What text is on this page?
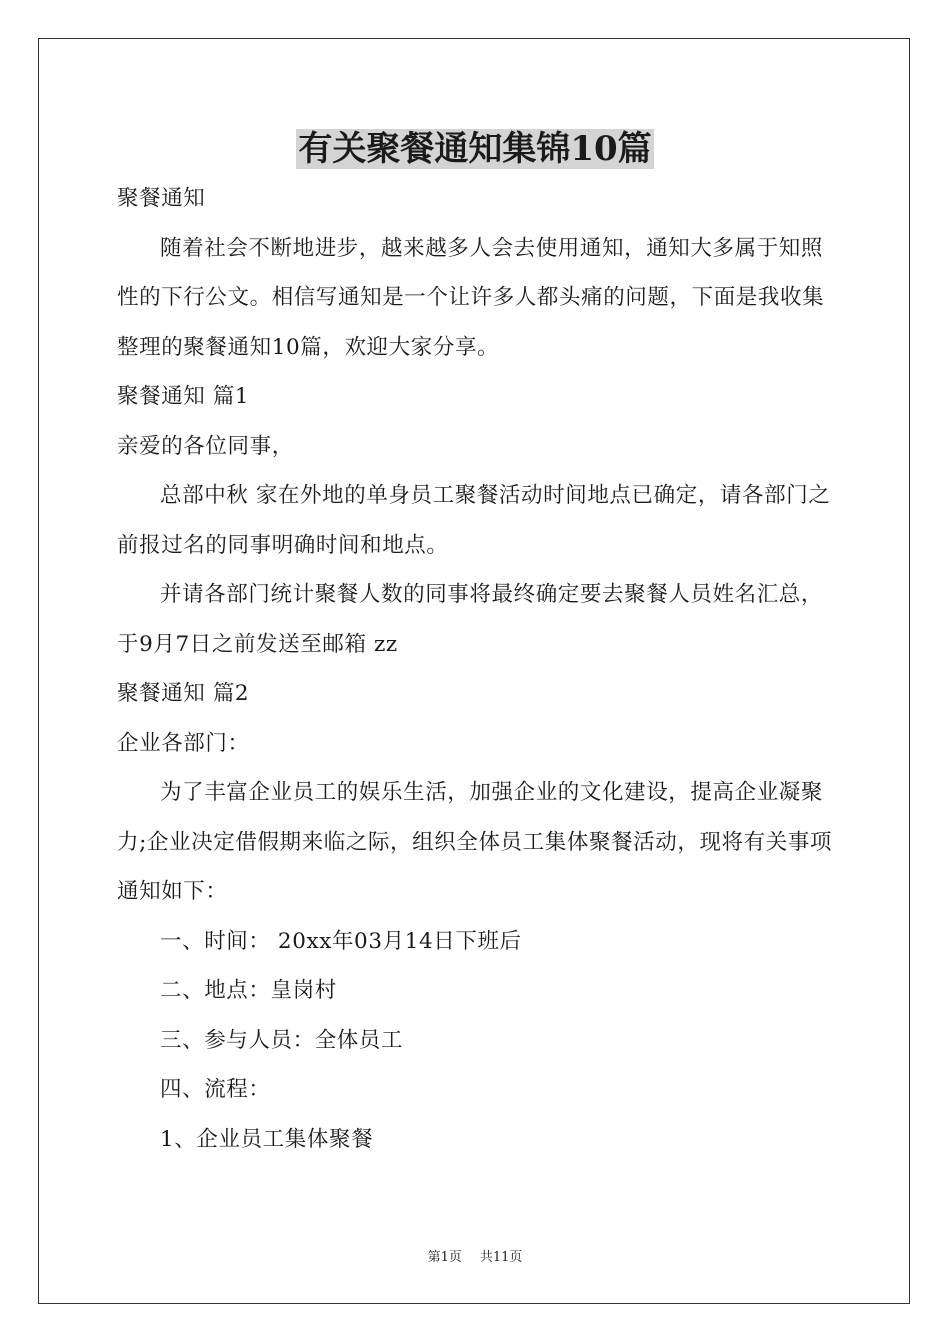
有关聚餐通知集锦10篇

聚餐通知

随着社会不断地进步，越来越多人会去使用通知，通知大多属于知照性的下行公文。相信写通知是一个让许多人都头痛的问题，下面是我收集整理的聚餐通知10篇，欢迎大家分享。

聚餐通知 篇1

亲爱的各位同事，

总部中秋 家在外地的单身员工聚餐活动时间地点已确定，请各部门之前报过名的同事明确时间和地点。

并请各部门统计聚餐人数的同事将最终确定要去聚餐人员姓名汇总，于9月7日之前发送至邮箱 zz

聚餐通知 篇2

企业各部门：

为了丰富企业员工的娱乐生活，加强企业的文化建设，提高企业凝聚力;企业决定借假期来临之际，组织全体员工集体聚餐活动，现将有关事项通知如下：

一、时间： 20xx年03月14日下班后

二、地点：皇岗村

三、参与人员：全体员工

四、流程：

1、企业员工集体聚餐

第1页 共11页
